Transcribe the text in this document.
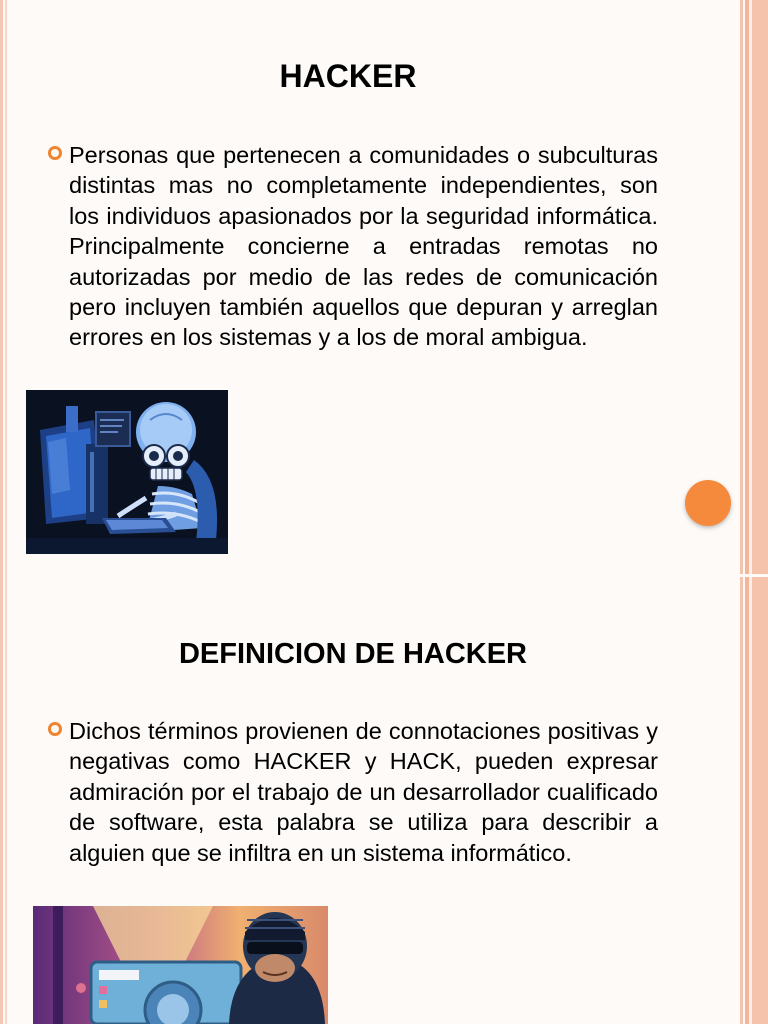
HACKER

Personas que pertenecen a comunidades o subculturas distintas mas no completamente independientes, son los individuos apasionados por la seguridad informática. Principalmente concierne a entradas remotas no autorizadas por medio de las redes de comunicación pero incluyen también aquellos que depuran y arreglan errores en los sistemas y a los de moral ambigua.

DEFINICION DE HACKER

Dichos términos provienen de connotaciones positivas y negativas como HACKER y HACK, pueden expresar admiración por el trabajo de un desarrollador cualificado de software, esta palabra se utiliza para describir a alguien que se infiltra en un sistema informático.
